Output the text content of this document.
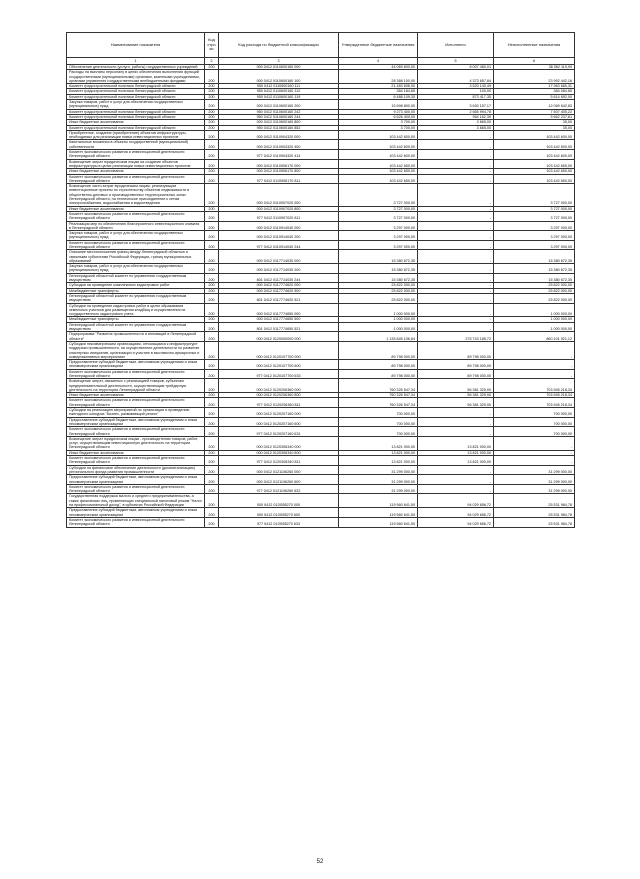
Наименование показателя	Код стро ки	Код расхода по бюджетной классификации	Утвержденные бюджетные назначения	Исполнено	Неисполненные назначения
1	2	3	4	5	6
Обеспечение деятельности (услуги, работы) государственных учреждений	200	000 0412 0110600160 000	44 069 600,00	8 007 480,01	36 062 119,99
Расходы на выплаты персоналу в целях обеспечения выполнения функций государственными (муниципальными) органами, казенными учреждениями, органами управления государственными внебюджетными фондами	200	000 0412 0110600160 100	28 368 100,00	4 373 657,84	23 992 442,16
Комитет градостроительной политики Ленинградской области	200	950 0412 0110600160 111	21 483 606,00	3 520 140,49	17 963 665,31
Комитет градостроительной политики Ленинградской области	200	950 0412 0110600160 112	384 184,65	100,00	384 084,65
Комитет градостроительной политики Ленинградской области	200	950 0412 0110600160 119	6 488 109,35	873 417,35	5 614 692,00
Закупка товаров, работ и услуг для обеспечения государственных (муниципальных) нужд	200	000 0412 0110600160 200	15 698 800,00	3 630 157,17	12 069 642,83
Комитет градостроительной политики Ленинградской области	200	950 0412 0110600160 242	9 273 400,00	2 665 994,78	7 507 405,22
Комитет градостроительной политики Ленинградской области	200	950 0412 0110600160 244	6 626 400,00	964 162,39	5 662 237,61
Иные бюджетные ассигнования	200	000 0412 0110600160 800	3 700,00	3 665,00	35,00
Комитет градостроительной политики Ленинградской области	200	950 0412 0110600160 852	3 700,00	3 665,00	35,00
Приобретение, создание (приобретение) объектов инфраструктуры, необходимых для реализации новых инвестиционных проектов	200	000 0412 0110904320 000	103 442 600,00	-	103 442 600,00
Капитальные вложения в объекты государственной (муниципальной) собственности	200	000 0412 0110904320 400	103 442 600,00	-	103 442 600,00
Комитет экономического развития и инвестиционной деятельности Ленинградской области	200	977 0412 0110904320 414	103 442 600,00	-	103 442 600,00
Возмещение затрат юридическим лицам на создание объектов инфраструктуры в целях реализации новых инвестиционных проектов	200	000 0412 0110906170 000	103 442 650,00	-	103 442 650,00
Иные бюджетные ассигнования	200	000 0412 0110906170 800	103 442 650,00	-	103 442 650,00
Комитет экономического развития и инвестиционной деятельности Ленинградской области	200	977 0412 0110906170 811	103 442 650,00	-	103 442 650,00
Возмещение части затрат юридическим лицам, реализующим инвестиционные проекты по строительству объектов недвижимости в общественно-деловых и производственных территориальных зонах Ленинградской области, на техническое присоединение к сетям электроснабжения, водоснабжения и водоотведения	200	000 0412 0110907020 000	3 727 000,00	-	3 727 000,00
Иные бюджетные ассигнования	200	000 0412 0110907020 800	3 727 000,00	-	3 727 000,00
Комитет экономического развития и инвестиционной деятельности Ленинградской области	200	977 0412 0110907020 811	3 727 000,00	-	3 727 000,00
Реализация мер по обеспечению благоприятного инвестиционного климата в Ленинградской области	200	000 0412 0110914040 000	3 297 000,00	-	3 297 000,00
Закупка товаров, работ и услуг для обеспечения государственных (муниципальных) нужд	200	000 0412 0110914040 200	3 297 000,00	-	3 297 000,00
Комитет экономического развития и инвестиционной деятельности Ленинградской области	200	977 0412 0110914040 244	3 297 000,00	-	3 297 000,00
Описание местоположения границ между Ленинградской областью и смежными субъектами Российской Федерации, границ муниципальных образований	200	000 0412 0117714030 000	15 380 672,35	-	15 380 672,35
Закупка товаров, работ и услуг для обеспечения государственных (муниципальных) нужд	200	000 0412 0117714030 200	15 380 672,35	-	15 380 672,35
Ленинградский областной комитет по управлению государственным имуществом	200	801 0412 0117714030 244	15 380 672,35	-	15 380 672,35
Субсидии на проведение комплексных кадастровых работ	200	000 0412 0117774620 000	25 822 000,00	-	25 822 000,00
Межбюджетные трансферты	200	000 0412 0117774620 500	25 822 000,00	-	25 822 000,00
Ленинградский областной комитет по управлению государственным имуществом	200	801 0412 0117774620 521	25 822 000,00	-	25 822 000,00
Субсидии на проведение кадастровых работ в целях образования земельных участков для размещения кладбищ и осуществления их государственного кадастрового учета	200	000 0412 0117774650 000	1 000 000,00	-	1 000 000,00
Межбюджетные трансферты	200	000 0412 0117774650 500	1 000 000,00	-	1 000 000,00
Ленинградский областной комитет по управлению государственным имуществом	200	801 0412 0117774650 521	1 000 000,00	-	1 000 000,00
Подпрограмма "Развитие промышленности и инноваций в Ленинградской области"	200	000 0412 0120000000 000	1 135 845 106,84	275 743 185,72	860 101 921,12
Субсидии некоммерческим организациям, относящимся к инфраструктуре поддержки промышленности, на осуществление деятельности по развитию кластерных инициатив, организации и участию в выставочно-ярмарочных и коммуникативных мероприятиях	200	000 0412 0120107700 000	89 798 000,00	89 798 000,00	-
Предоставление субсидий бюджетным, автономным учреждениям и иным некоммерческим организациям	200	000 0412 0120107700 600	89 798 000,00	89 798 000,00	-
Комитет экономического развития и инвестиционной деятельности Ленинградской области	200	977 0412 0120107700 633	89 798 000,00	89 798 000,00	-
Возмещение затрат, связанных с реализацией товаров, субъектам предпринимательской деятельности, осуществляющим трейдерную деятельность на территории Ленинградской области	200	000 0412 0120206360 000	760 326 547,34	56 381 329,00	703 945 218,34
Иные бюджетные ассигнования	200	000 0412 0120206360 800	760 326 547,34	56 381 329,00	703 945 218,34
Комитет экономического развития и инвестиционной деятельности Ленинградской области	200	977 0412 0120206360 811	760 326 547,34	56 381 329,00	703 945 218,34
Субсидии на реализацию мероприятий по организации и проведению ежегодного конкурса "Бизнес, развивающий регион"	200	000 0412 0120207160 000	700 000,00	-	700 000,00
Предоставление субсидий бюджетным, автономным учреждениям и иным некоммерческим организациям	200	000 0412 0120207160 600	700 000,00	-	700 000,00
Комитет экономического развития и инвестиционной деятельности Ленинградской области	200	977 0412 0120207160 631	700 000,00	-	700 000,00
Возмещение затрат юридическим лицам - производителям товаров, работ, услуг, осуществляющим инвестиционную деятельность на территории Ленинградской области	200	000 0412 0120306340 000	13 821 000,00	13 821 000,00	-
Иные бюджетные ассигнования	200	000 0412 0120306340 800	13 821 000,00	13 821 000,00	-
Комитет экономического развития и инвестиционной деятельности Ленинградской области	200	977 0412 0120306340 811	13 821 000,00	13 821 000,00	-
Субсидии на финансовое обеспечение деятельности (докапитализацию) регионального фонда развития промышленности	200	000 0412 0121106260 000	31 299 000,00	-	31 299 000,00
Предоставление субсидий бюджетным, автономным учреждениям и иным некоммерческим организациям	200	000 0412 0121106260 600	31 299 000,00	-	31 299 000,00
Комитет экономического развития и инвестиционной деятельности Ленинградской области	200	977 0412 0121106260 632	31 299 000,00	-	31 299 000,00
Государственная поддержка малого и среднего предпринимательства, а также физических лиц, применяющих специальный налоговый режим "Налог на профессиональный доход", в субъектах Российской Федерации	200	000 0412 012I555270 000	119 560 641,50	94 029 656,72	25 531 984,78
Предоставление субсидий бюджетным, автономным учреждениям и иным некоммерческим организациям	200	000 0412 012I555270 600	119 560 641,50	94 029 656,72	25 531 984,78
Комитет экономического развития и инвестиционной деятельности Ленинградской области	200	977 0412 012I555270 633	119 560 641,50	94 029 656,72	25 531 984,78
52
